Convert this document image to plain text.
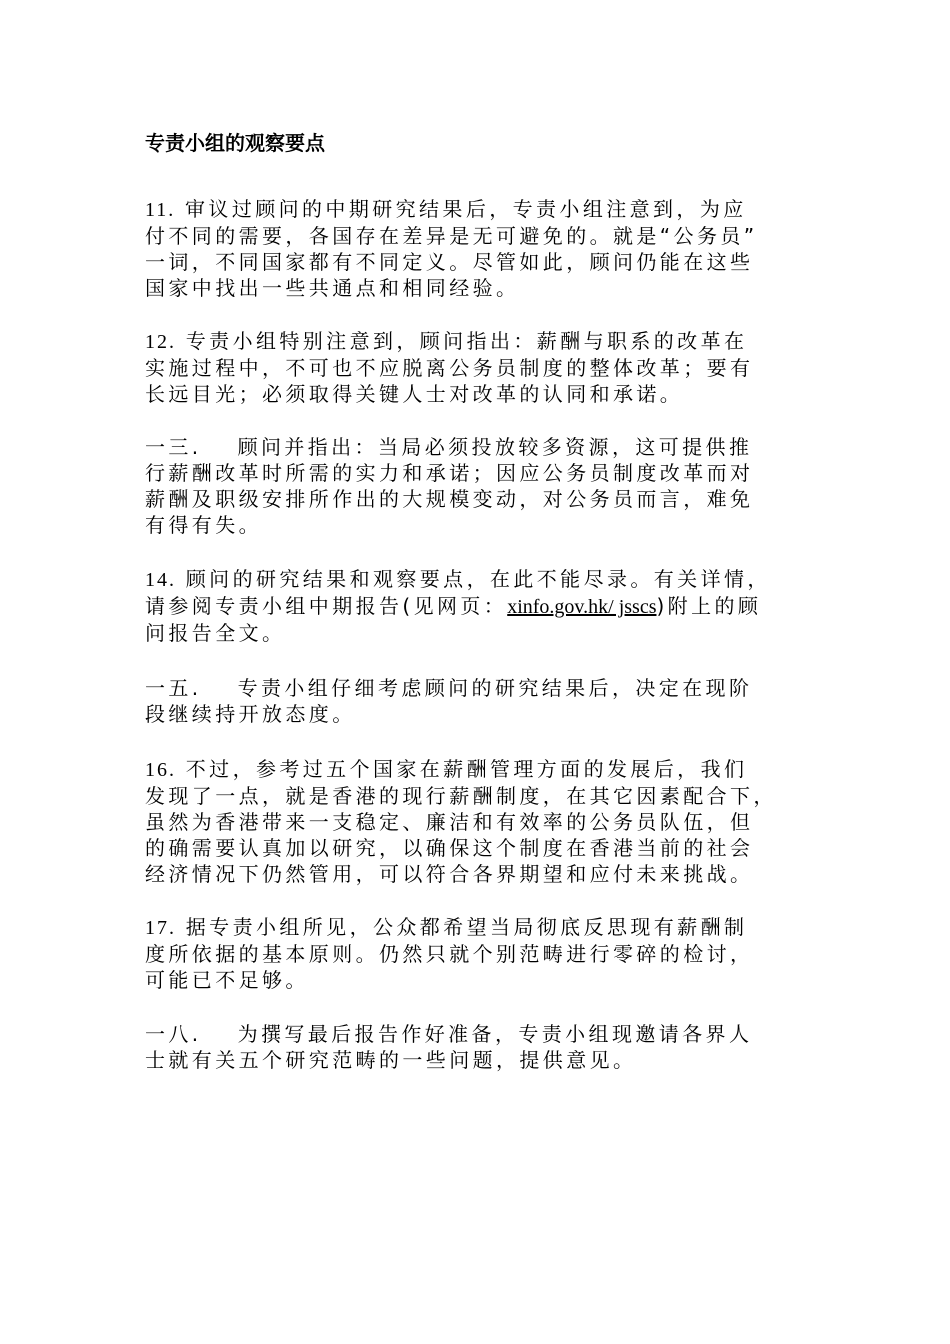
专责小组的观察要点
11. 审议过顾问的中期研究结果后，专责小组注意到，为应
付不同的需要，各国存在差异是无可避免的。就是“公务员”
一词，不同国家都有不同定义。尽管如此，顾问仍能在这些
国家中找出一些共通点和相同经验。
12. 专责小组特别注意到，顾问指出：薪酬与职系的改革在
实施过程中，不可也不应脱离公务员制度的整体改革；要有
长远目光；必须取得关键人士对改革的认同和承诺。
一三. 顾问并指出：当局必须投放较多资源，这可提供推
行薪酬改革时所需的实力和承诺；因应公务员制度改革而对
薪酬及职级安排所作出的大规模变动，对公务员而言，难免
有得有失。
14. 顾问的研究结果和观察要点，在此不能尽录。有关详情，
请参阅专责小组中期报告(见网页：xinfo.gov.hk/ jsscs)附上的顾
问报告全文。
一五. 专责小组仔细考虑顾问的研究结果后，决定在现阶
段继续持开放态度。
16. 不过，参考过五个国家在薪酬管理方面的发展后，我们
发现了一点，就是香港的现行薪酬制度，在其它因素配合下，
虽然为香港带来一支稳定、廉洁和有效率的公务员队伍，但
的确需要认真加以研究，以确保这个制度在香港当前的社会
经济情况下仍然管用，可以符合各界期望和应付未来挑战。
17. 据专责小组所见，公众都希望当局彻底反思现有薪酬制
度所依据的基本原则。仍然只就个别范畴进行零碎的检讨，
可能已不足够。
一八. 为撰写最后报告作好准备，专责小组现邀请各界人
士就有关五个研究范畴的一些问题，提供意见。
